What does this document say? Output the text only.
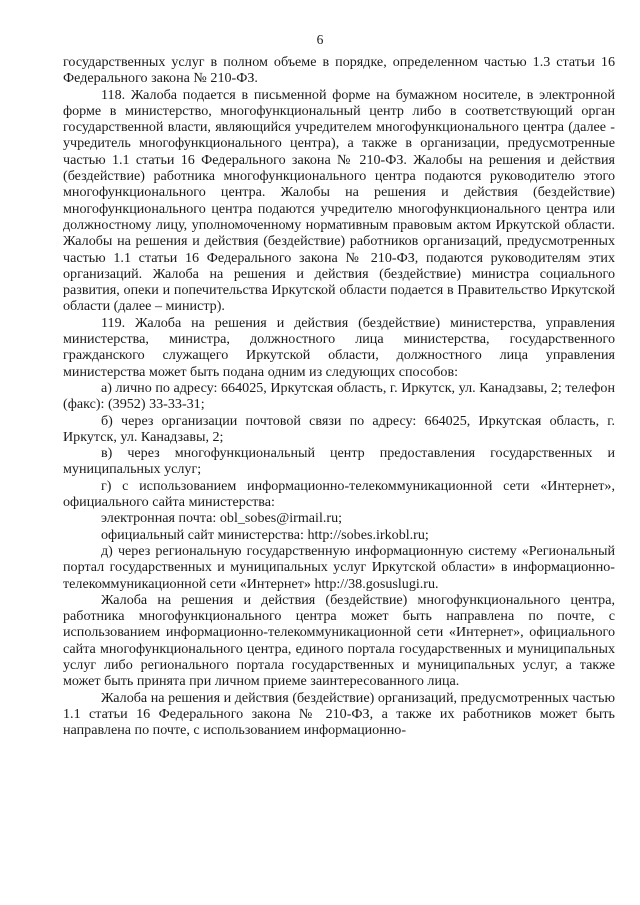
6

государственных услуг в полном объеме в порядке, определенном частью 1.3 статьи 16 Федерального закона № 210-ФЗ.

118. Жалоба подается в письменной форме на бумажном носителе, в электронной форме в министерство, многофункциональный центр либо в соответствующий орган государственной власти, являющийся учредителем многофункционального центра (далее - учредитель многофункционального центра), а также в организации, предусмотренные частью 1.1 статьи 16 Федерального закона № 210-ФЗ. Жалобы на решения и действия (бездействие) работника многофункционального центра подаются руководителю этого многофункционального центра. Жалобы на решения и действия (бездействие) многофункционального центра подаются учредителю многофункционального центра или должностному лицу, уполномоченному нормативным правовым актом Иркутской области. Жалобы на решения и действия (бездействие) работников организаций, предусмотренных частью 1.1 статьи 16 Федерального закона № 210-ФЗ, подаются руководителям этих организаций. Жалоба на решения и действия (бездействие) министра социального развития, опеки и попечительства Иркутской области подается в Правительство Иркутской области (далее – министр).

119. Жалоба на решения и действия (бездействие) министерства, управления министерства, министра, должностного лица министерства, государственного гражданского служащего Иркутской области, должностного лица управления министерства может быть подана одним из следующих способов:

а) лично по адресу: 664025, Иркутская область, г. Иркутск, ул. Канадзавы, 2; телефон (факс): (3952) 33-33-31;

б) через организации почтовой связи по адресу: 664025, Иркутская область, г. Иркутск, ул. Канадзавы, 2;

в) через многофункциональный центр предоставления государственных и муниципальных услуг;

г) с использованием информационно-телекоммуникационной сети «Интернет», официального сайта министерства:

электронная почта: obl_sobes@irmail.ru;

официальный сайт министерства: http://sobes.irkobl.ru;

д) через региональную государственную информационную систему «Региональный портал государственных и муниципальных услуг Иркутской области» в информационно-телекоммуникационной сети «Интернет» http://38.gosuslugi.ru.

Жалоба на решения и действия (бездействие) многофункционального центра, работника многофункционального центра может быть направлена по почте, с использованием информационно-телекоммуникационной сети «Интернет», официального сайта многофункционального центра, единого портала государственных и муниципальных услуг либо регионального портала государственных и муниципальных услуг, а также может быть принята при личном приеме заинтересованного лица.

Жалоба на решения и действия (бездействие) организаций, предусмотренных частью 1.1 статьи 16 Федерального закона № 210-ФЗ, а также их работников может быть направлена по почте, с использованием информационно-
